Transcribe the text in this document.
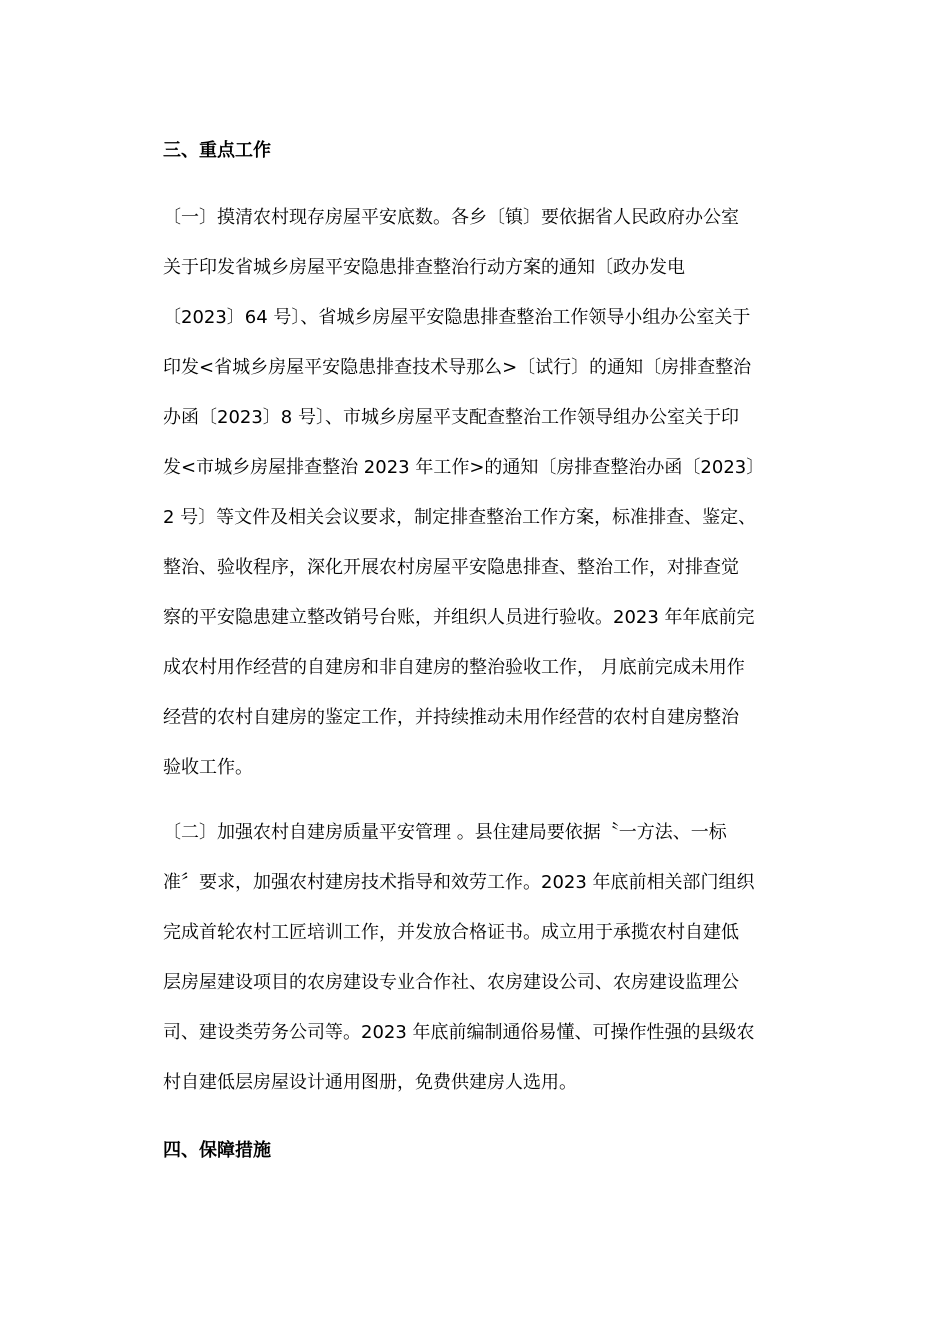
三、重点工作
〔一〕摸清农村现存房屋平安底数。各乡〔镇〕要依据省人民政府办公室
关于印发省城乡房屋平安隐患排查整治行动方案的通知〔政办发电
〔2023〕64 号〕、省城乡房屋平安隐患排查整治工作领导小组办公室关于
印发<省城乡房屋平安隐患排查技术导那么>〔试行〕的通知〔房排查整治
办函〔2023〕8 号〕、市城乡房屋平支配查整治工作领导组办公室关于印
发<市城乡房屋排查整治 2023 年工作>的通知〔房排查整治办函〔2023〕
2 号〕等文件及相关会议要求，制定排查整治工作方案，标准排查、鉴定、
整治、验收程序，深化开展农村房屋平安隐患排查、整治工作，对排查觉
察的平安隐患建立整改销号台账，并组织人员进行验收。2023 年年底前完
成农村用作经营的自建房和非自建房的整治验收工作， 月底前完成未用作
经营的农村自建房的鉴定工作，并持续推动未用作经营的农村自建房整治
验收工作。
〔二〕加强农村自建房质量平安管理 。县住建局要依据〝一方法、一标
准〞要求，加强农村建房技术指导和效劳工作。2023 年底前相关部门组织
完成首轮农村工匠培训工作，并发放合格证书。成立用于承揽农村自建低
层房屋建设项目的农房建设专业合作社、农房建设公司、农房建设监理公
司、建设类劳务公司等。2023 年底前编制通俗易懂、可操作性强的县级农
村自建低层房屋设计通用图册，免费供建房人选用。
四、保障措施
